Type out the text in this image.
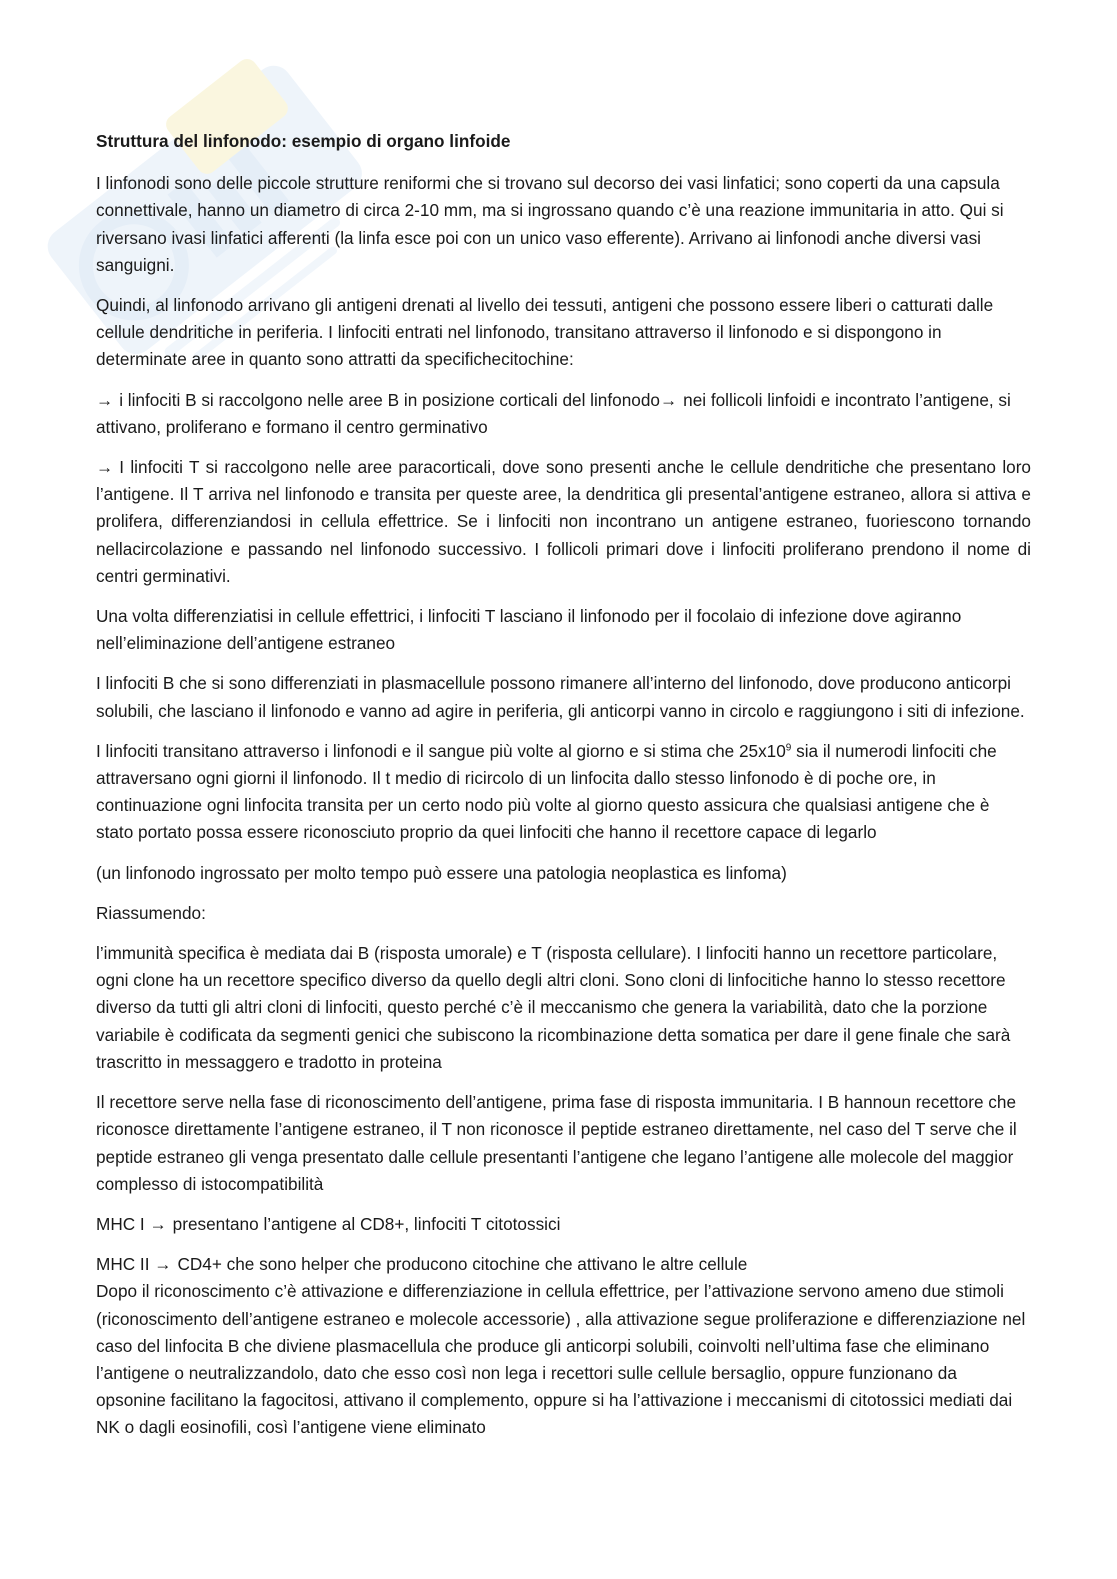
Struttura del linfonodo: esempio di organo linfoide

I linfonodi sono delle piccole strutture reniformi che si trovano sul decorso dei vasi linfatici; sono coperti da una capsula connettivale, hanno un diametro di circa 2-10 mm, ma si ingrossano quando c’è una reazione immunitaria in atto. Qui si riversano ivasi linfatici afferenti (la linfa esce poi con un unico vaso efferente). Arrivano ai linfonodi anche diversi vasi sanguigni.

Quindi, al linfonodo arrivano gli antigeni drenati al livello dei tessuti, antigeni che possono essere liberi o catturati dalle cellule dendritiche in periferia. I linfociti entrati nel linfonodo, transitano attraverso il linfonodo e si dispongono in determinate aree in quanto sono attratti da specifichecitochine:

→ i linfociti B si raccolgono nelle aree B in posizione corticali del linfonodo→ nei follicoli linfoidi e incontrato l’antigene, si attivano, proliferano e formano il centro germinativo

→ I linfociti T si raccolgono nelle aree paracorticali, dove sono presenti anche le cellule dendritiche che presentano loro l’antigene. Il T arriva nel linfonodo e transita per queste aree, la dendritica gli presental’antigene estraneo, allora si attiva e prolifera, differenziandosi in cellula effettrice. Se i linfociti non incontrano un antigene estraneo, fuoriescono tornando nellacircolazione e passando nel linfonodo successivo. I follicoli primari dove i linfociti proliferano prendono il nome di centri germinativi.

Una volta differenziatisi in cellule effettrici, i linfociti T lasciano il linfonodo per il focolaio di infezione dove agiranno nell’eliminazione dell’antigene estraneo

I linfociti B che si sono differenziati in plasmacellule possono rimanere all’interno del linfonodo, dove producono anticorpi solubili, che lasciano il linfonodo e vanno ad agire in periferia, gli anticorpi vanno in circolo e raggiungono i siti di infezione.

I linfociti transitano attraverso i linfonodi e il sangue più volte al giorno e si stima che $25x10^9$ sia il numerodi linfociti che attraversano ogni giorni il linfonodo. Il t medio di ricircolo di un linfocita dallo stesso linfonodo è di poche ore, in continuazione ogni linfocita transita per un certo nodo più volte al giorno questo assicura che qualsiasi antigene che è stato portato possa essere riconosciuto proprio da quei linfociti che hanno il recettore capace di legarlo

(un linfonodo ingrossato per molto tempo può essere una patologia neoplastica es linfoma)

Riassumendo:

l’immunità specifica è mediata dai B (risposta umorale) e T (risposta cellulare). I linfociti hanno un recettore particolare, ogni clone ha un recettore specifico diverso da quello degli altri cloni. Sono cloni di linfocitiche hanno lo stesso recettore diverso da tutti gli altri cloni di linfociti, questo perché c’è il meccanismo che genera la variabilità, dato che la porzione variabile è codificata da segmenti genici che subiscono la ricombinazione detta somatica per dare il gene finale che sarà trascritto in messaggero e tradotto in proteina

Il recettore serve nella fase di riconoscimento dell’antigene, prima fase di risposta immunitaria. I B hannoun recettore che riconosce direttamente l’antigene estraneo, il T non riconosce il peptide estraneo direttamente, nel caso del T serve che il peptide estraneo gli venga presentato dalle cellule presentanti l’antigene che legano l’antigene alle molecole del maggior complesso di istocompatibilità

MHC I → presentano l’antigene al CD8+, linfociti T citotossici

MHC II → CD4+ che sono helper che producono citochine che attivano le altre cellule

Dopo il riconoscimento c’è attivazione e differenziazione in cellula effettrice, per l’attivazione servono ameno due stimoli (riconoscimento dell’antigene estraneo e molecole accessorie) , alla attivazione segue proliferazione e differenziazione nel caso del linfocita B che diviene plasmacellula che produce gli anticorpi solubili, coinvolti nell’ultima fase che eliminano l’antigene o neutralizzandolo, dato che esso così non lega i recettori sulle cellule bersaglio, oppure funzionano da opsonine facilitano la fagocitosi, attivano il complemento, oppure si ha l’attivazione i meccanismi di citotossici mediati dai NK o dagli eosinofili, così l’antigene viene eliminato
